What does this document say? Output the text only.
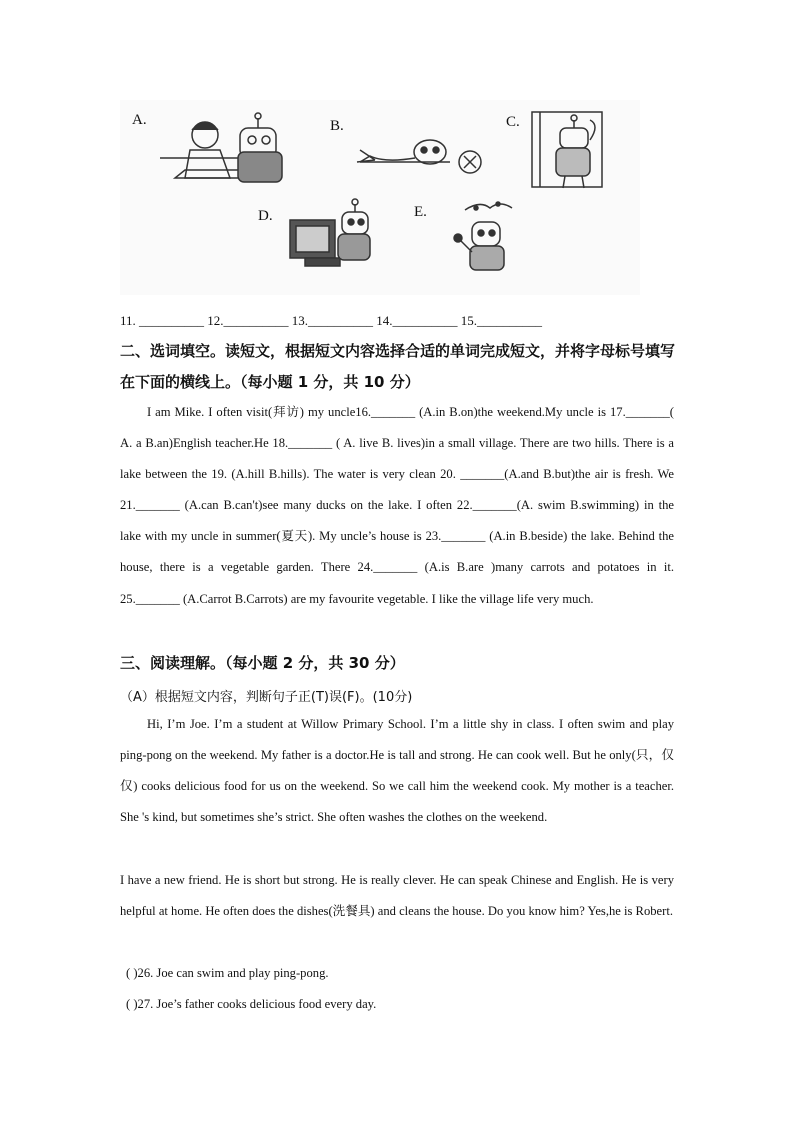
A.	B.	C.
D.	E.
11. __________ 12.__________ 13.__________ 14.__________ 15.__________
二、选词填空。读短文，根据短文内容选择合适的单词完成短文，并将字母标号填写在下面的横线上。（每小题 1 分，共 10 分）
I am Mike. I often visit(拜访) my uncle16._______ (A.in B.on)the weekend.My uncle is 17._______( A. a B.an)English teacher.He 18._______ ( A. live B. lives)in a small village. There are two hills. There is a lake between the 19. (A.hill B.hills). The water is very clean 20. _______(A.and B.but)the air is fresh. We 21._______ (A.can B.can't)see many ducks on the lake. I often 22._______(A. swim B.swimming) in the lake with my uncle in summer(夏天). My uncle’s house is 23._______ (A.in B.beside) the lake. Behind the house, there is a vegetable garden. There 24._______ (A.is B.are )many carrots and potatoes in it. 25._______ (A.Carrot B.Carrots) are my favourite vegetable. I like the village life very much.
三、阅读理解。（每小题 2 分，共 30 分）
（A）根据短文内容，判断句子正(T)误(F)。(10分)
Hi, I’m Joe. I’m a student at Willow Primary School. I’m a little shy in class. I often swim and play ping-pong on the weekend. My father is a doctor.He is tall and strong. He can cook well. But he only(只，仅仅) cooks delicious food for us on the weekend. So we call him the weekend cook. My mother is a teacher. She 's kind, but sometimes she’s strict. She often washes the clothes on the weekend.
I have a new friend. He is short but strong. He is really clever. He can speak Chinese and English. He is very helpful at home. He often does the dishes(洗餐具) and cleans the house. Do you know him? Yes,he is Robert.
( )26. Joe can swim and play ping-pong.
( )27. Joe’s father cooks delicious food every day.
